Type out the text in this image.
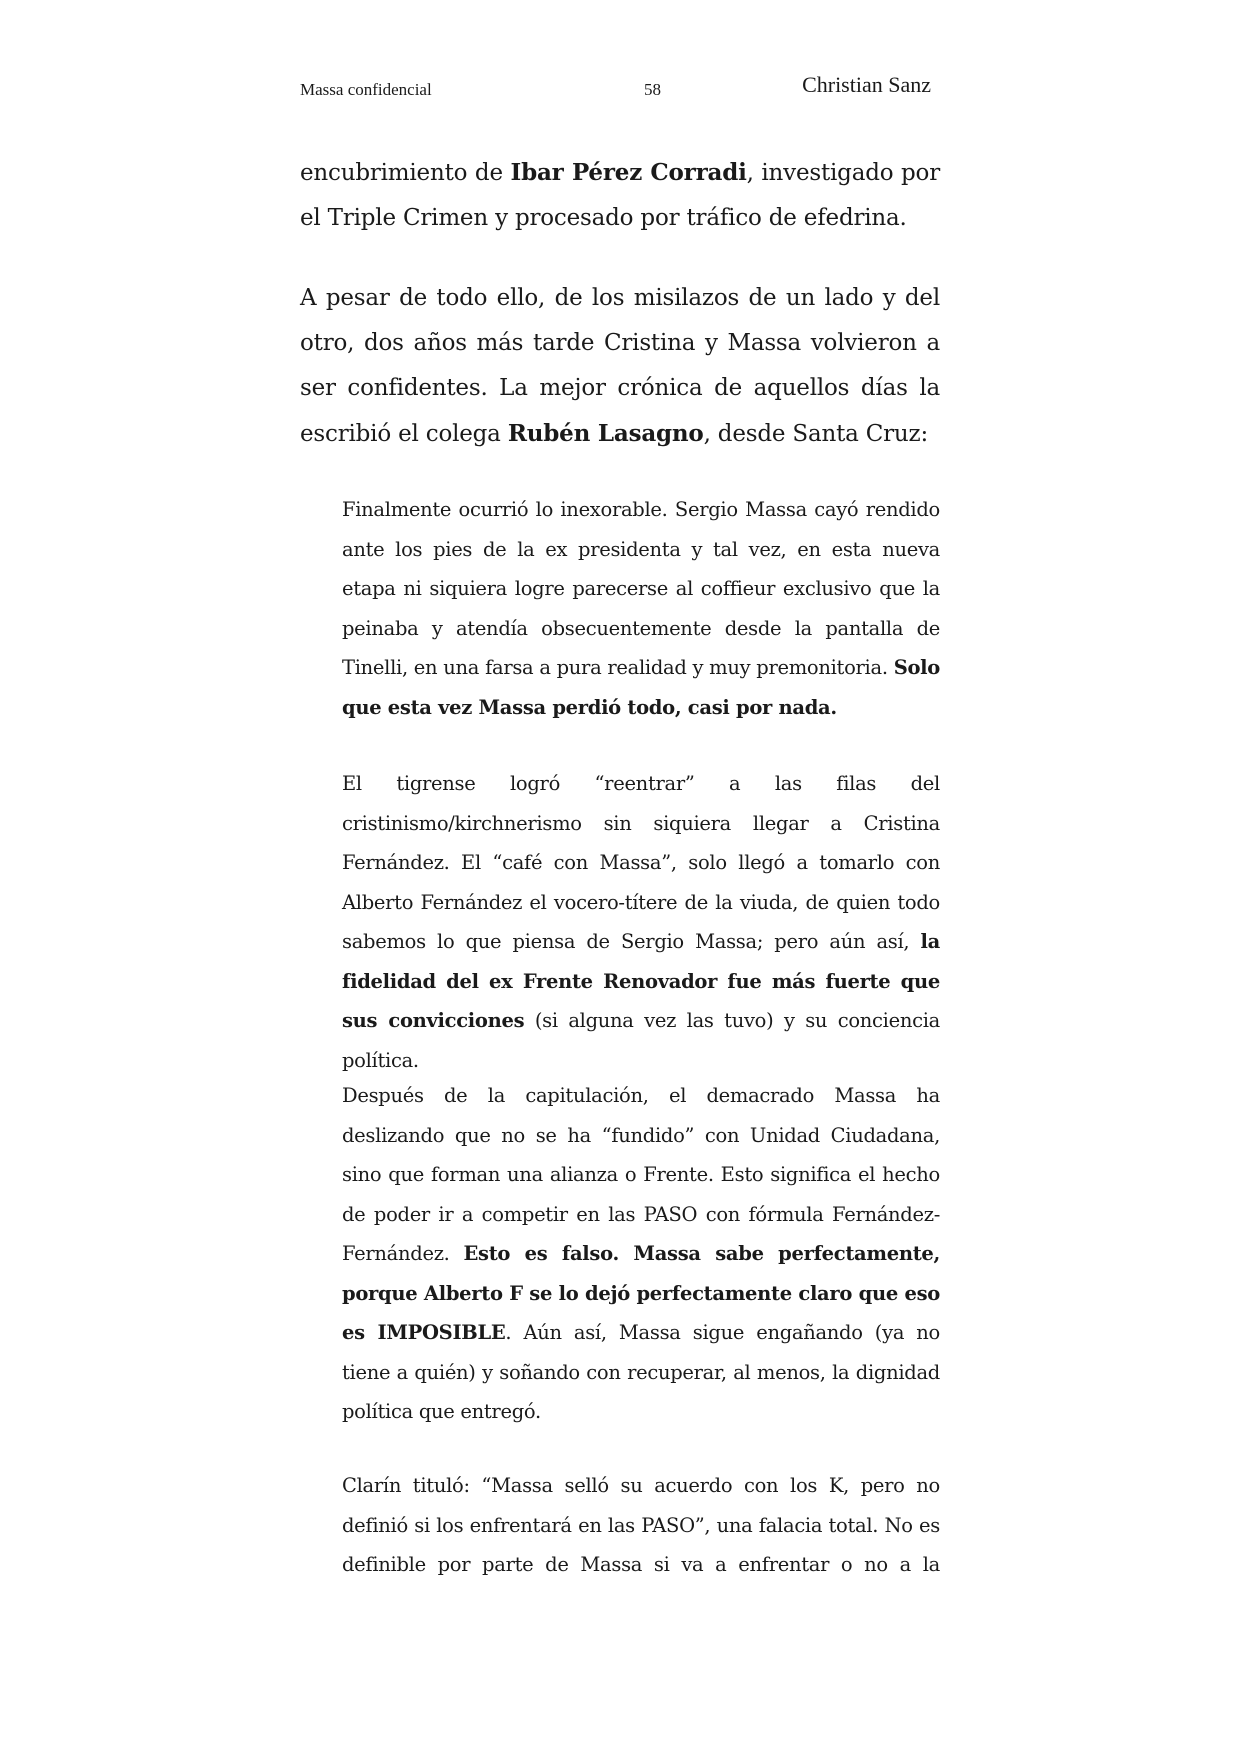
Massa confidencial	58	Christian Sanz

encubrimiento de Ibar Pérez Corradi, investigado por el Triple Crimen y procesado por tráfico de efedrina.

A pesar de todo ello, de los misilazos de un lado y del otro, dos años más tarde Cristina y Massa volvieron a ser confidentes. La mejor crónica de aquellos días la escribió el colega Rubén Lasagno, desde Santa Cruz:

Finalmente ocurrió lo inexorable. Sergio Massa cayó rendido ante los pies de la ex presidenta y tal vez, en esta nueva etapa ni siquiera logre parecerse al coffieur exclusivo que la peinaba y atendía obsecuentemente desde la pantalla de Tinelli, en una farsa a pura realidad y muy premonitoria. Solo que esta vez Massa perdió todo, casi por nada.

El tigrense logró “reentrar” a las filas del cristinismo/kirchnerismo sin siquiera llegar a Cristina Fernández. El “café con Massa”, solo llegó a tomarlo con Alberto Fernández el vocero-títere de la viuda, de quien todo sabemos lo que piensa de Sergio Massa; pero aún así, la fidelidad del ex Frente Renovador fue más fuerte que sus convicciones (si alguna vez las tuvo) y su conciencia política.

Después de la capitulación, el demacrado Massa ha deslizando que no se ha “fundido” con Unidad Ciudadana, sino que forman una alianza o Frente. Esto significa el hecho de poder ir a competir en las PASO con fórmula Fernández-Fernández. Esto es falso. Massa sabe perfectamente, porque Alberto F se lo dejó perfectamente claro que eso es IMPOSIBLE. Aún así, Massa sigue engañando (ya no tiene a quién) y soñando con recuperar, al menos, la dignidad política que entregó.

Clarín tituló: “Massa selló su acuerdo con los K, pero no definió si los enfrentará en las PASO”, una falacia total. No es definible por parte de Massa si va a enfrentar o no a la
